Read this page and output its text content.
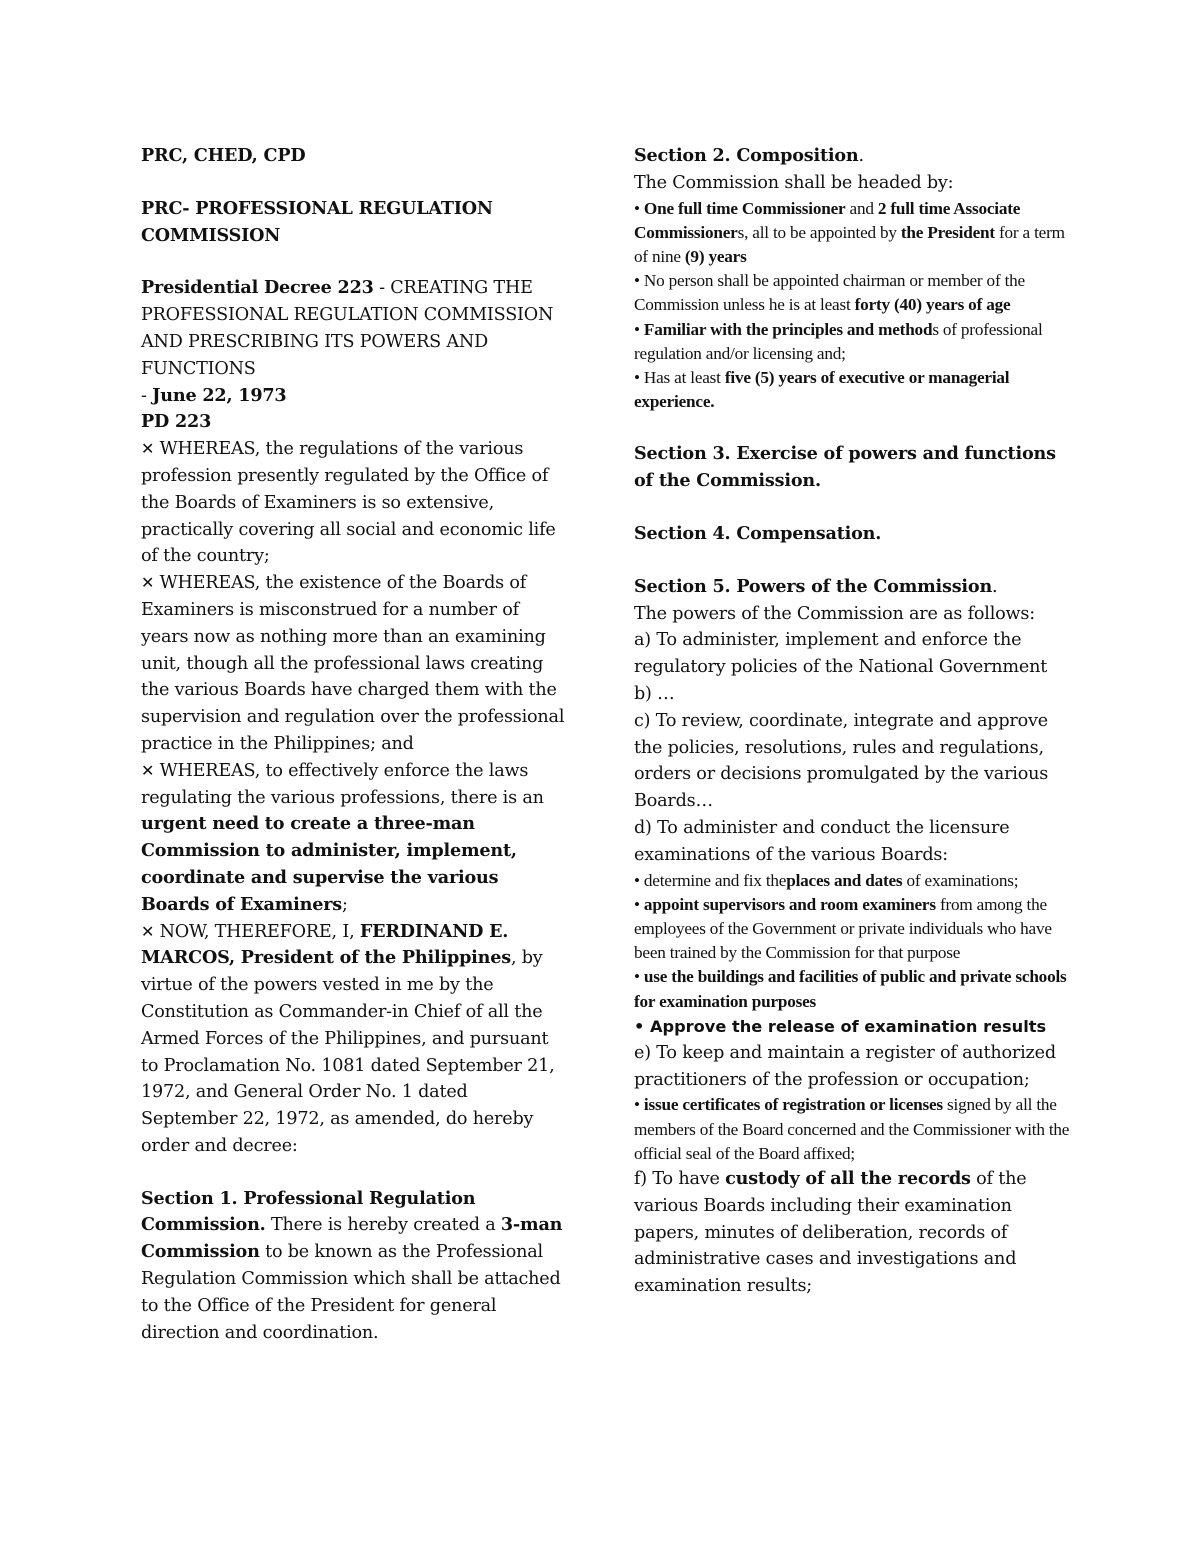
PRC, CHED, CPD

PRC- PROFESSIONAL REGULATION COMMISSION

Presidential Decree 223 - CREATING THE PROFESSIONAL REGULATION COMMISSION AND PRESCRIBING ITS POWERS AND FUNCTIONS

- June 22, 1973

PD 223

✕ WHEREAS, the regulations of the various profession presently regulated by the Office of the Boards of Examiners is so extensive, practically covering all social and economic life of the country;

✕ WHEREAS, the existence of the Boards of Examiners is misconstrued for a number of years now as nothing more than an examining unit, though all the professional laws creating the various Boards have charged them with the supervision and regulation over the professional practice in the Philippines; and

✕ WHEREAS, to effectively enforce the laws regulating the various professions, there is an urgent need to create a three-man Commission to administer, implement, coordinate and supervise the various Boards of Examiners;

✕ NOW, THEREFORE, I, FERDINAND E. MARCOS, President of the Philippines, by virtue of the powers vested in me by the Constitution as Commander-in Chief of all the Armed Forces of the Philippines, and pursuant to Proclamation No. 1081 dated September 21, 1972, and General Order No. 1 dated September 22, 1972, as amended, do hereby order and decree:

Section 1. Professional Regulation Commission. There is hereby created a 3-man Commission to be known as the Professional Regulation Commission which shall be attached to the Office of the President for general direction and coordination.

Section 2. Composition.

The Commission shall be headed by:

• One full time Commissioner and 2 full time Associate Commissioners, all to be appointed by the President for a term of nine (9) years

• No person shall be appointed chairman or member of the Commission unless he is at least forty (40) years of age

• Familiar with the principles and methods of professional regulation and/or licensing and;

• Has at least five (5) years of executive or managerial experience.

Section 3. Exercise of powers and functions of the Commission.

Section 4. Compensation.

Section 5. Powers of the Commission.

The powers of the Commission are as follows:

a) To administer, implement and enforce the regulatory policies of the National Government

b) …

c) To review, coordinate, integrate and approve the policies, resolutions, rules and regulations, orders or decisions promulgated by the various Boards…

d) To administer and conduct the licensure examinations of the various Boards:

• determine and fix theplaces and dates of examinations;

• appoint supervisors and room examiners from among the employees of the Government or private individuals who have been trained by the Commission for that purpose

• use the buildings and facilities of public and private schools for examination purposes

• Approve the release of examination results

e) To keep and maintain a register of authorized practitioners of the profession or occupation;

• issue certificates of registration or licenses signed by all the members of the Board concerned and the Commissioner with the official seal of the Board affixed;

f) To have custody of all the records of the various Boards including their examination papers, minutes of deliberation, records of administrative cases and investigations and examination results;
